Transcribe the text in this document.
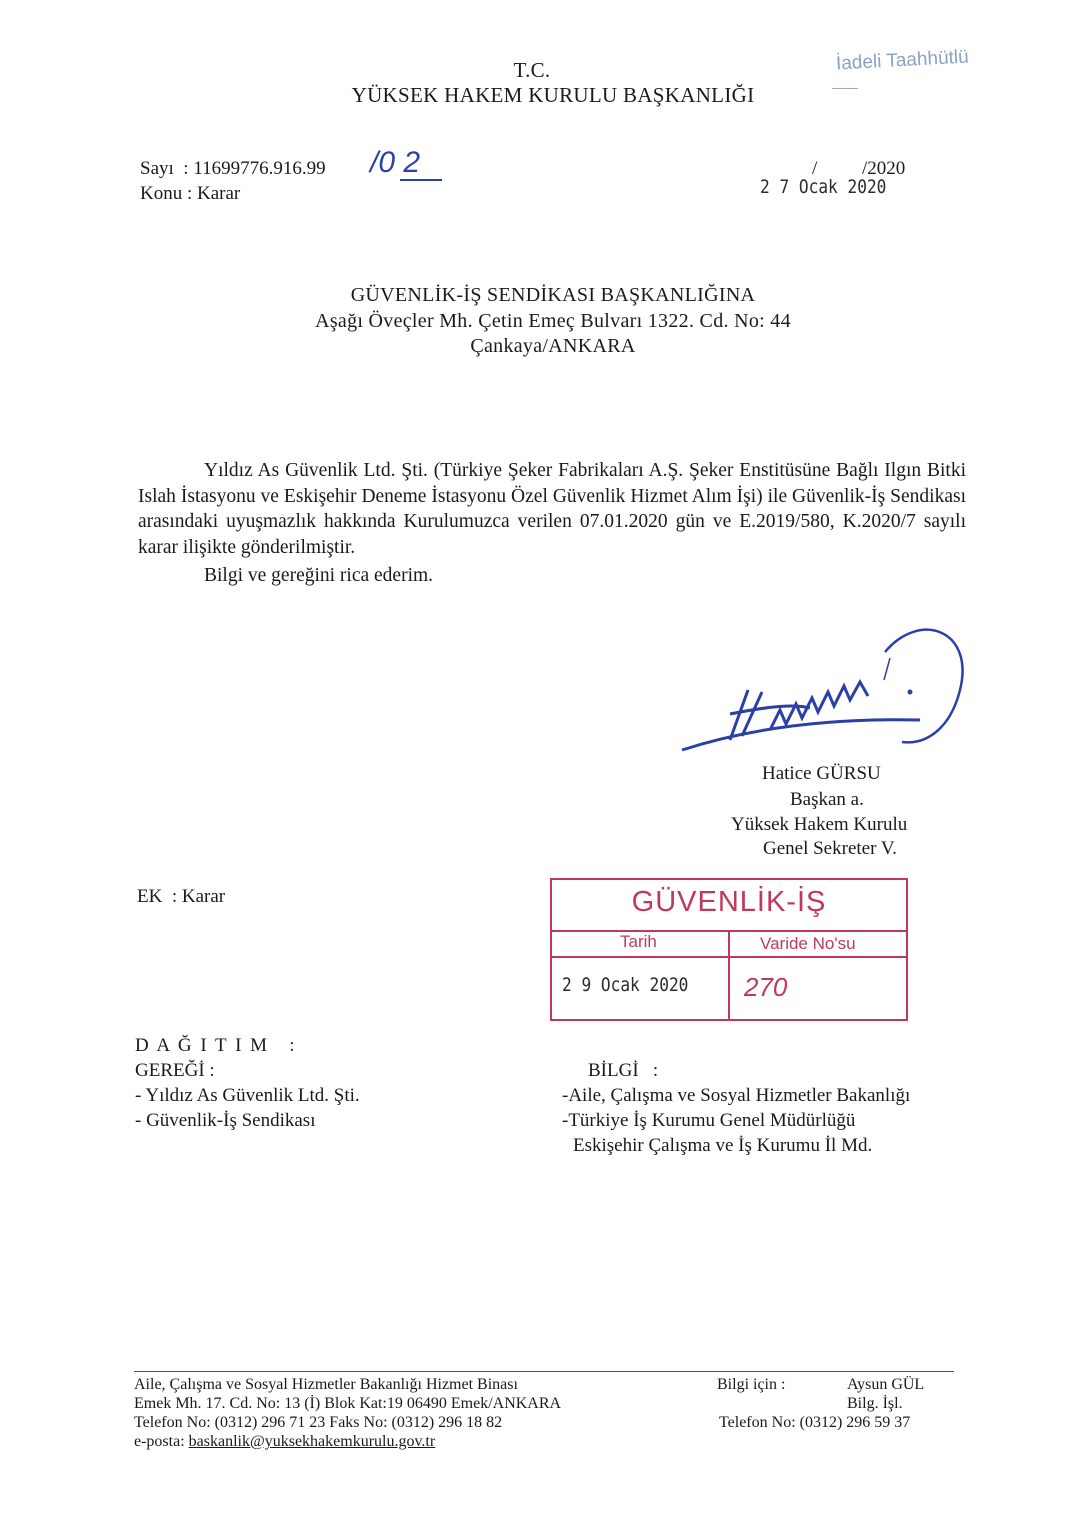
İadeli Taahhütlü
T.C.
YÜKSEK HAKEM KURULU BAŞKANLIĞI
Sayı  : 11699776.916.99 /0 2
Konu : Karar	2 7 Ocak 2020
/ /2020
GÜVENLİK-İŞ SENDİKASI BAŞKANLIĞINA
Aşağı Öveçler Mh. Çetin Emeç Bulvarı 1322. Cd. No: 44
Çankaya/ANKARA
Yıldız As Güvenlik Ltd. Şti. (Türkiye Şeker Fabrikaları A.Ş. Şeker Enstitüsüne Bağlı Ilgın Bitki Islah İstasyonu ve Eskişehir Deneme İstasyonu Özel Güvenlik Hizmet Alım İşi) ile Güvenlik-İş Sendikası arasındaki uyuşmazlık hakkında Kurulumuzca verilen 07.01.2020 gün ve E.2019/580, K.2020/7 sayılı karar ilişikte gönderilmiştir.
Bilgi ve gereğini rica ederim.
Hatice GÜRSU
Başkan a.
Yüksek Hakem Kurulu
Genel Sekreter V.
EK  : Karar	GÜVENLİK-İŞ
Tarih	Varide No'su
2 9 Ocak 2020 270
D A Ğ I T I M   :
GEREĞİ :
- Yıldız As Güvenlik Ltd. Şti.
- Güvenlik-İş Sendikası
BİLGİ   :
-Aile, Çalışma ve Sosyal Hizmetler Bakanlığı
-Türkiye İş Kurumu Genel Müdürlüğü
Eskişehir Çalışma ve İş Kurumu İl Md.
Aile, Çalışma ve Sosyal Hizmetler Bakanlığı Hizmet Binası
Emek Mh. 17. Cd. No: 13 (İ) Blok Kat:19 06490 Emek/ANKARA
Telefon No: (0312) 296 71 23 Faks No: (0312) 296 18 82
e-posta: baskanlik@yuksekhakemkurulu.gov.tr
Bilgi için :	Aysun GÜL
Bilg. İşl.
Telefon No: (0312) 296 59 37
